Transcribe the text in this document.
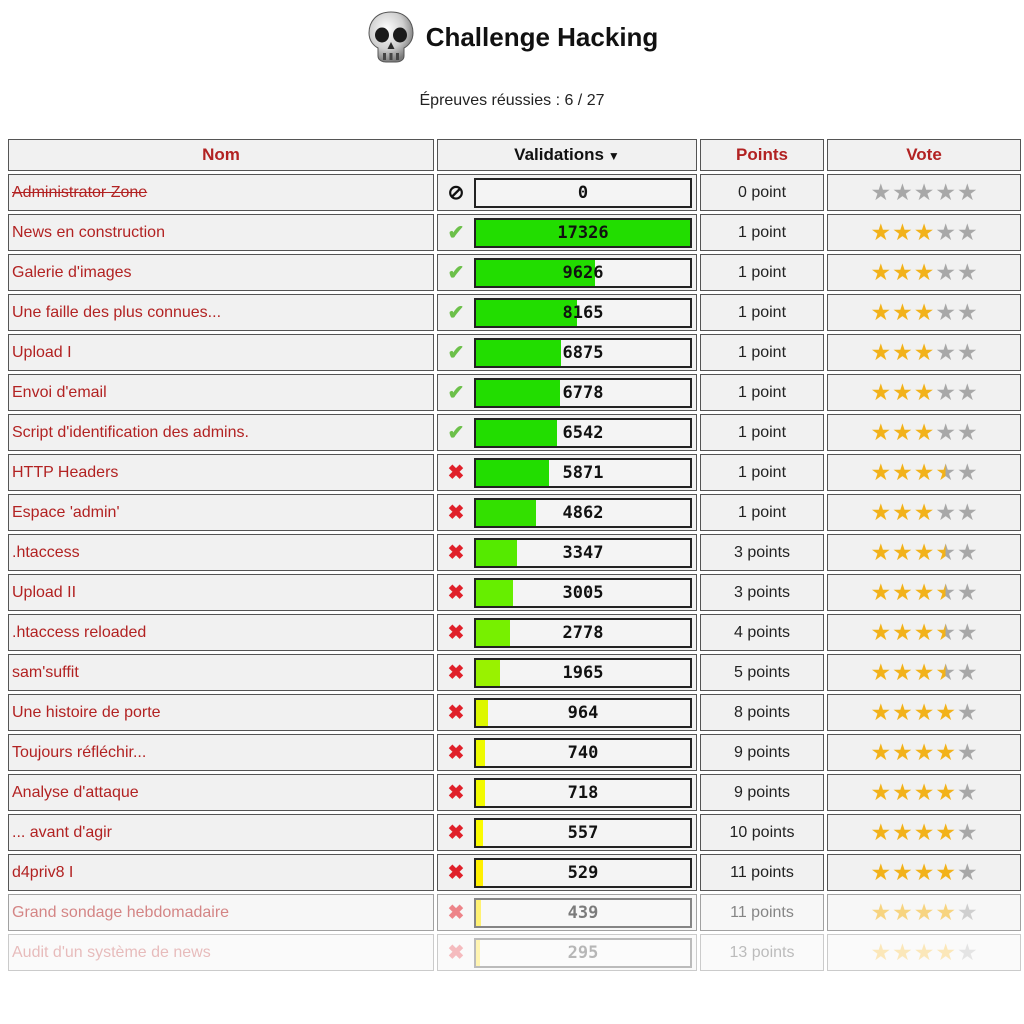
Challenge Hacking
Épreuves réussies : 6 / 27
Nom	Validations ▼	Points	Vote
Administrator Zone	⊘ 0	0 point	★ ★ ★ ★ ★

News en construction	✔ 17326	1 point	★ ★ ★ ★ ★

Galerie d'images	✔ 9626	1 point	★ ★ ★ ★ ★

Une faille des plus connues...	✔ 8165	1 point	★ ★ ★ ★ ★

Upload I	✔ 6875	1 point	★ ★ ★ ★ ★

Envoi d'email	✔ 6778	1 point	★ ★ ★ ★ ★

Script d'identification des admins.	✔ 6542	1 point	★ ★ ★ ★ ★

HTTP Headers	✖ 5871	1 point	★ ★ ★ ★ ★

Espace 'admin'	✖ 4862	1 point	★ ★ ★ ★ ★

.htaccess	✖ 3347	3 points	★ ★ ★ ★ ★

Upload II	✖ 3005	3 points	★ ★ ★ ★ ★

.htaccess reloaded	✖ 2778	4 points	★ ★ ★ ★ ★

sam'suffit	✖ 1965	5 points	★ ★ ★ ★ ★

Une histoire de porte	✖ 964	8 points	★ ★ ★ ★ ★

Toujours réfléchir...	✖ 740	9 points	★ ★ ★ ★ ★

Analyse d'attaque	✖ 718	9 points	★ ★ ★ ★ ★

... avant d'agir	✖ 557	10 points	★ ★ ★ ★ ★

d4priv8 I	✖ 529	11 points	★ ★ ★ ★ ★

Grand sondage hebdomadaire	✖ 439	11 points	★ ★ ★ ★ ★

Audit d'un système de news	✖ 295	13 points	★ ★ ★ ★ ★
